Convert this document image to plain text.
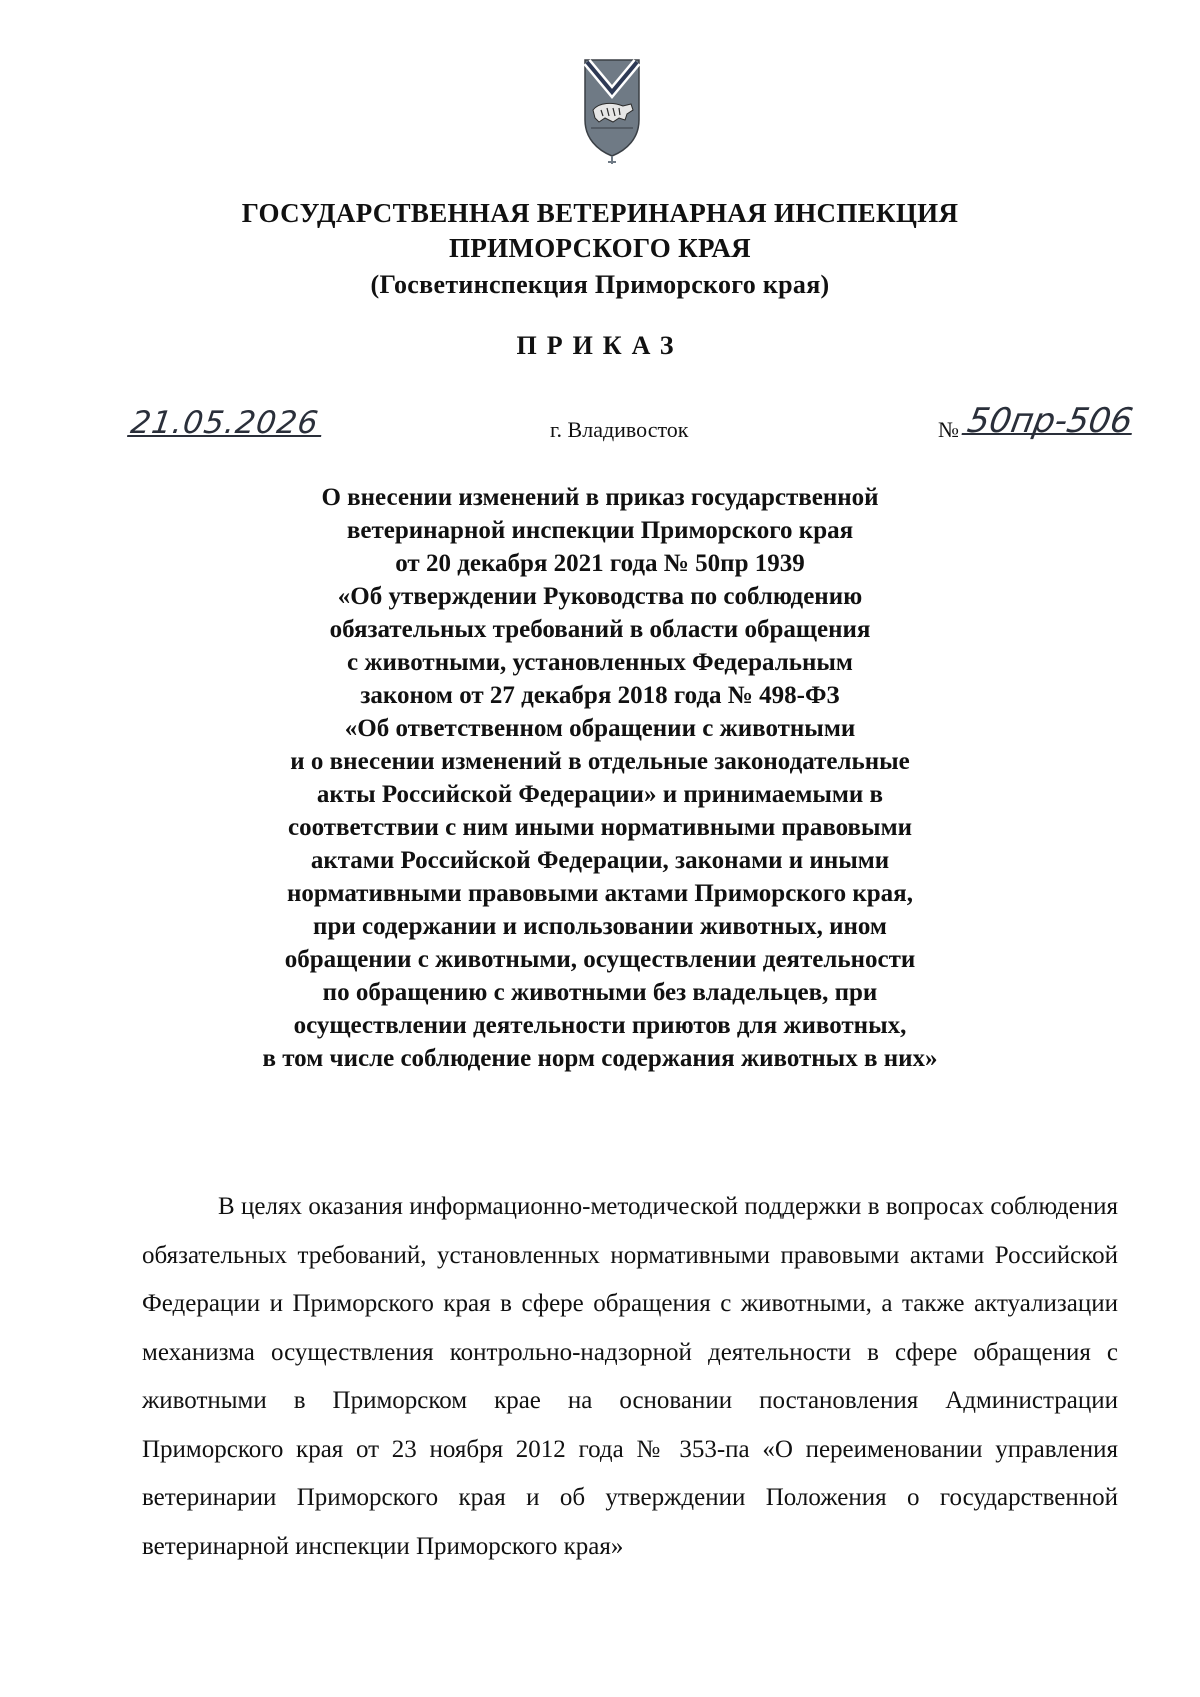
ГОСУДАРСТВЕННАЯ ВЕТЕРИНАРНАЯ ИНСПЕКЦИЯ
ПРИМОРСКОГО КРАЯ
(Госветинспекция Приморского края)
ПРИКАЗ
21.05.2026	г. Владивосток	№ 50пр-506
О внесении изменений в приказ государственной
ветеринарной инспекции Приморского края
от 20 декабря 2021 года № 50пр 1939
«Об утверждении Руководства по соблюдению
обязательных требований в области обращения
с животными, установленных Федеральным
законом от 27 декабря 2018 года № 498-ФЗ
«Об ответственном обращении с животными
и о внесении изменений в отдельные законодательные
акты Российской Федерации» и принимаемыми в
соответствии с ним иными нормативными правовыми
актами Российской Федерации, законами и иными
нормативными правовыми актами Приморского края,
при содержании и использовании животных, ином
обращении с животными, осуществлении деятельности
по обращению с животными без владельцев, при
осуществлении деятельности приютов для животных,
в том числе соблюдение норм содержания животных в них»

В целях оказания информационно-методической поддержки в вопросах соблюдения обязательных требований, установленных нормативными правовыми актами Российской Федерации и Приморского края в сфере обращения с животными, а также актуализации механизма осуществления контрольно-надзорной деятельности в сфере обращения с животными в Приморском крае на основании постановления Администрации Приморского края от 23 ноября 2012 года № 353-па «О переименовании управления ветеринарии Приморского края и об утверждении Положения о государственной ветеринарной инспекции Приморского края»
